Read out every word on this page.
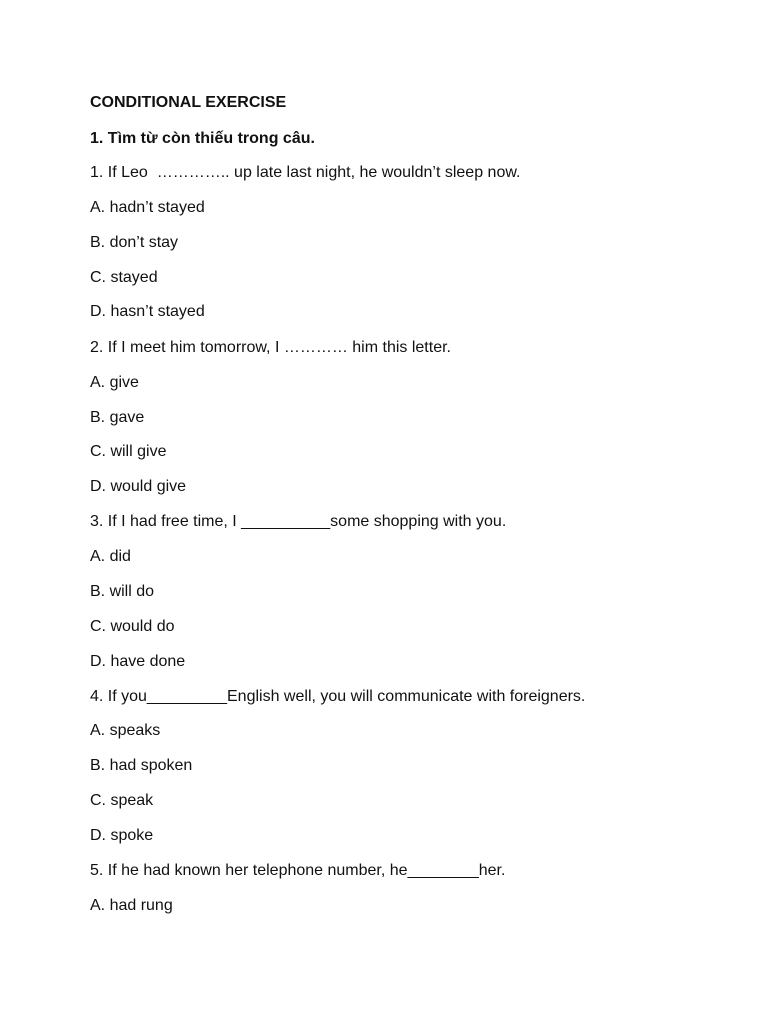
CONDITIONAL EXERCISE
1. Tìm từ còn thiếu trong câu.
1. If Leo  ………….. up late last night, he wouldn’t sleep now.
A. hadn’t stayed
B. don’t stay
C. stayed
D. hasn’t stayed
2. If I meet him tomorrow, I ………… him this letter.
A. give
B. gave
C. will give
D. would give
3. If I had free time, I __________some shopping with you.
A. did
B. will do
C. would do
D. have done
4. If you_________English well, you will communicate with foreigners.
A. speaks
B. had spoken
C. speak
D. spoke
5. If he had known her telephone number, he________her.
A. had rung
